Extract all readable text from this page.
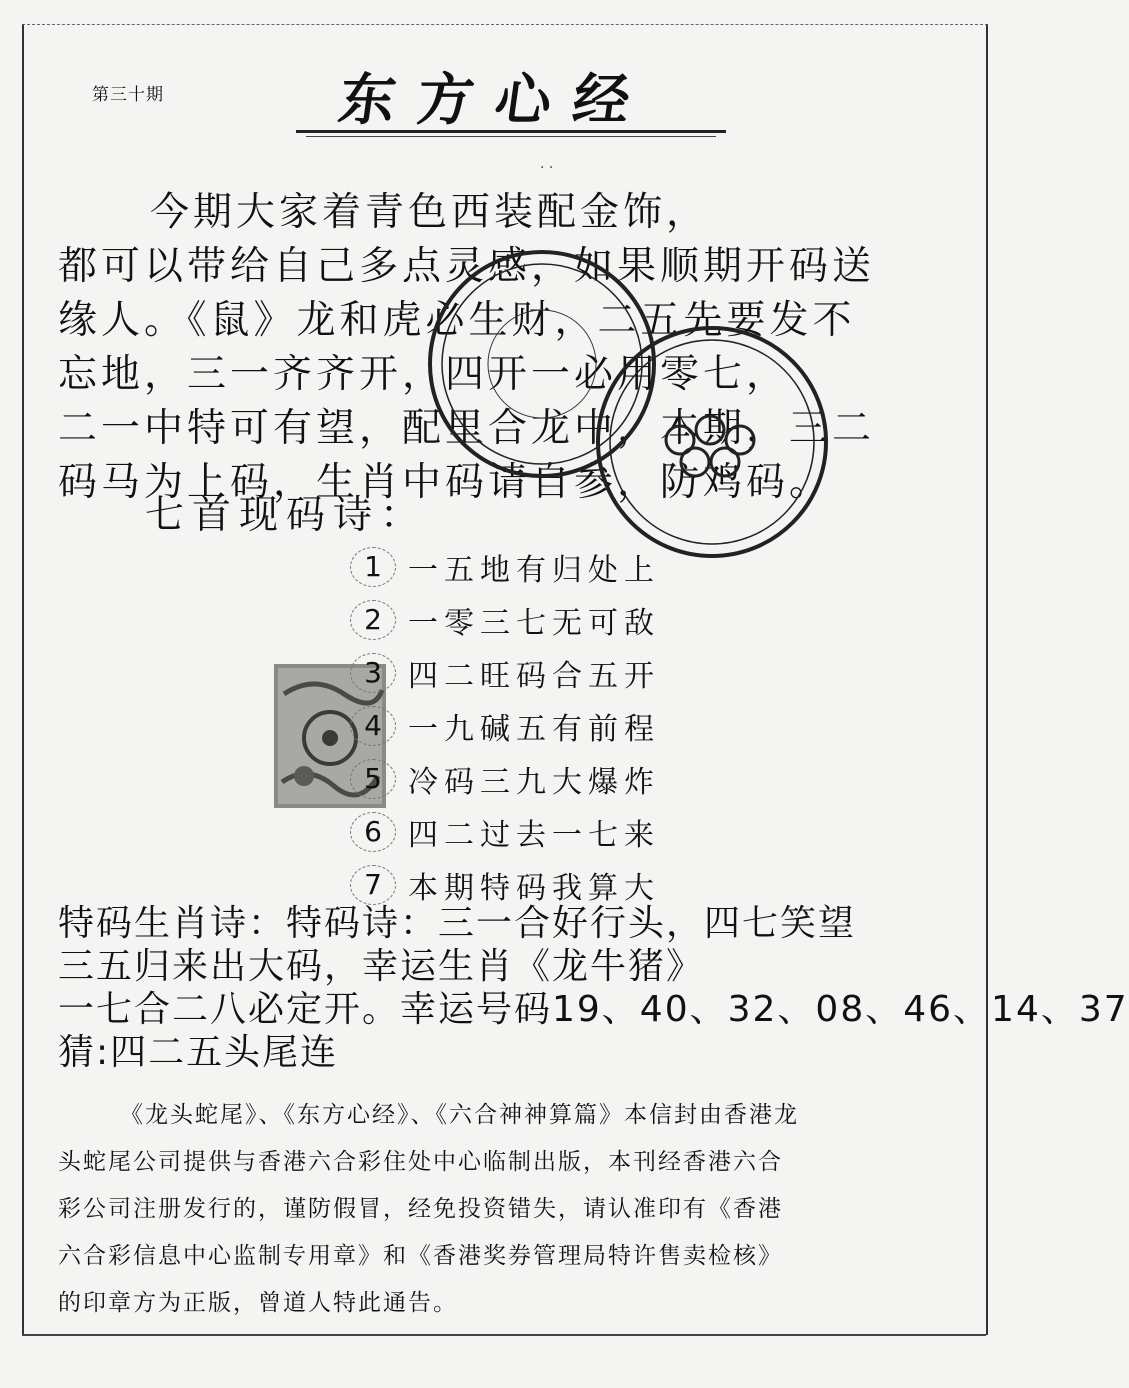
第三十期	东方心经
· ·
今期大家着青色西装配金饰，
都可以带给自己多点灵感，如果顺期开码送
缘人。《鼠》龙和虎必生财，二五先要发不
忘地，三一齐齐开，四开一必用零七，
二一中特可有望，配里合龙中，本期，三二
码马为上码，生肖中码请自参，防鸡码。
七首现码诗：
1 一五地有归处上
2 一零三七无可敌
3 四二旺码合五开
4 一九碱五有前程
5 冷码三九大爆炸
6 四二过去一七来
7 本期特码我算大
特码生肖诗：特码诗：三一合好行头，四七笑望
三五归来出大码，幸运生肖《龙牛猪》
一七合二八必定开。幸运号码19、40、32、08、46、14、37
猜:四二五头尾连
《龙头蛇尾》、《东方心经》、《六合神神算篇》本信封由香港龙
头蛇尾公司提供与香港六合彩住处中心临制出版，本刊经香港六合
彩公司注册发行的，谨防假冒，经免投资错失，请认准印有《香港
六合彩信息中心监制专用章》和《香港奖券管理局特许售卖检核》
的印章方为正版，曾道人特此通告。
